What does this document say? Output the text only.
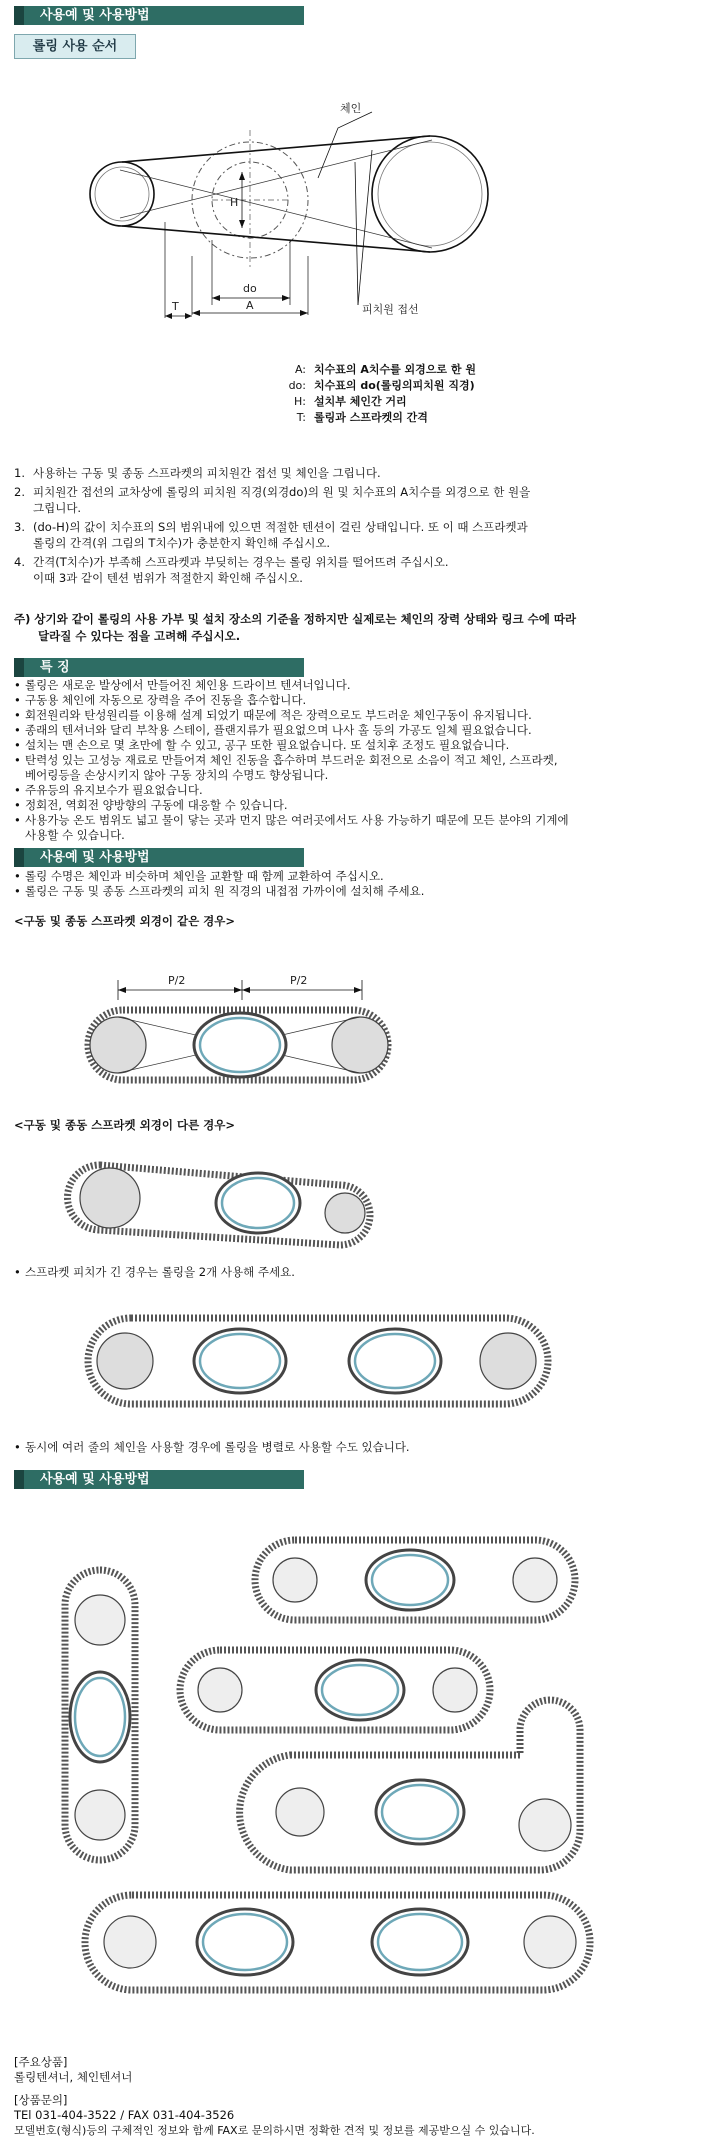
사용예 및 사용방법
롤링 사용 순서
H
do
A
T
체인
피치원 접선
A: 치수표의 A치수를 외경으로 한 원
do: 치수표의 do(롤링의피치원 직경)
H: 설치부 체인간 거리
T: 롤링과 스프라켓의 간격
1. 사용하는 구동 및 종동 스프라켓의 피치원간 접선 및 체인을 그립니다.
2. 피치원간 접선의 교차상에 롤링의 피치원 직경(외경do)의 원 및 치수표의 A치수를 외경으로 한 원을
그립니다.
3. (do-H)의 값이 치수표의 S의 범위내에 있으면 적절한 텐션이 걸린 상태입니다. 또 이 때 스프라켓과
롤링의 간격(위 그림의 T치수)가 충분한지 확인해 주십시오.
4. 간격(T치수)가 부족해 스프라켓과 부딪히는 경우는 롤링 위치를 떨어뜨려 주십시오.
이때 3과 같이 텐션 범위가 적절한지 확인해 주십시오.
주) 상기와 같이 롤링의 사용 가부 및 설치 장소의 기준을 정하지만 실제로는 체인의 장력 상태와 링크 수에 따라
달라질 수 있다는 점을 고려해 주십시오.
특 징
• 롤링은 새로운 발상에서 만들어진 체인용 드라이브 텐셔너입니다.
• 구동용 체인에 자동으로 장력을 주어 진동을 흡수합니다.
• 회전원리와 탄성원리를 이용해 설계 되었기 때문에 적은 장력으로도 부드러운 체인구동이 유지됩니다.
• 종래의 텐셔너와 달리 부착용 스테이, 플랜지류가 필요없으며 나사 홀 등의 가공도 일체 필요없습니다.
• 설치는 맨 손으로 몇 초만에 할 수 있고, 공구 또한 필요없습니다. 또 설치후 조정도 필요없습니다.
• 탄력성 있는 고성능 재료로 만들어져 체인 진동을 흡수하며 부드러운 회전으로 소음이 적고 체인, 스프라켓,
베어링등을 손상시키지 않아 구동 장치의 수명도 향상됩니다.
• 주유등의 유지보수가 필요없습니다.
• 정회전, 역회전 양방향의 구동에 대응할 수 있습니다.
• 사용가능 온도 범위도 넓고 물이 닿는 곳과 먼지 많은 여러곳에서도 사용 가능하기 때문에 모든 분야의 기계에
사용할 수 있습니다.
사용예 및 사용방법
• 롤링 수명은 체인과 비슷하며 체인을 교환할 때 함께 교환하여 주십시오.
• 롤링은 구동 및 종동 스프라켓의 피치 원 직경의 내접점 가까이에 설치해 주세요.
<구동 및 종동 스프라켓 외경이 같은 경우>
P/2	P/2
<구동 및 종동 스프라켓 외경이 다른 경우>
• 스프라켓 피치가 긴 경우는 롤링을 2개 사용해 주세요.
• 동시에 여러 줄의 체인을 사용할 경우에 롤링을 병렬로 사용할 수도 있습니다.
사용예 및 사용방법
[주요상품]
롤링텐셔너, 체인텐셔너
[상품문의]
TEl 031-404-3522 / FAX 031-404-3526
모델번호(형식)등의 구체적인 정보와 함께 FAX로 문의하시면 정확한 견적 및 정보를 제공받으실 수 있습니다.
